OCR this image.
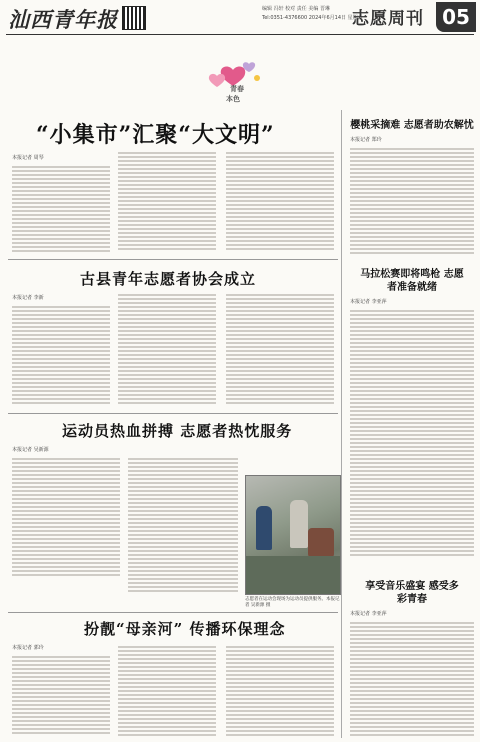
汕西青年报	编辑 冯轩 校对 责任 美编 晋琳
Tel:0351-4376600 2024年6月14日 星期五
志愿周刊 05
青春
本色
“小集市”汇聚“大文明”
本报记者 周琴
古县青年志愿者协会成立
本报记者 李新
运动员热血拼搏 志愿者热忱服务
本报记者 吴新源
志愿者在运动会现场为运动员提供服务。本报记者 吴新源 摄
扮靓“母亲河” 传播环保理念
本报记者 郭玲
櫻桃采摘难 志愿者助农解忧
本报记者 郑玲
马拉松赛即将鸣枪 志愿者准备就绪
本报记者 李亚萍
享受音乐盛宴 感受多彩青春
本报记者 李亚萍
